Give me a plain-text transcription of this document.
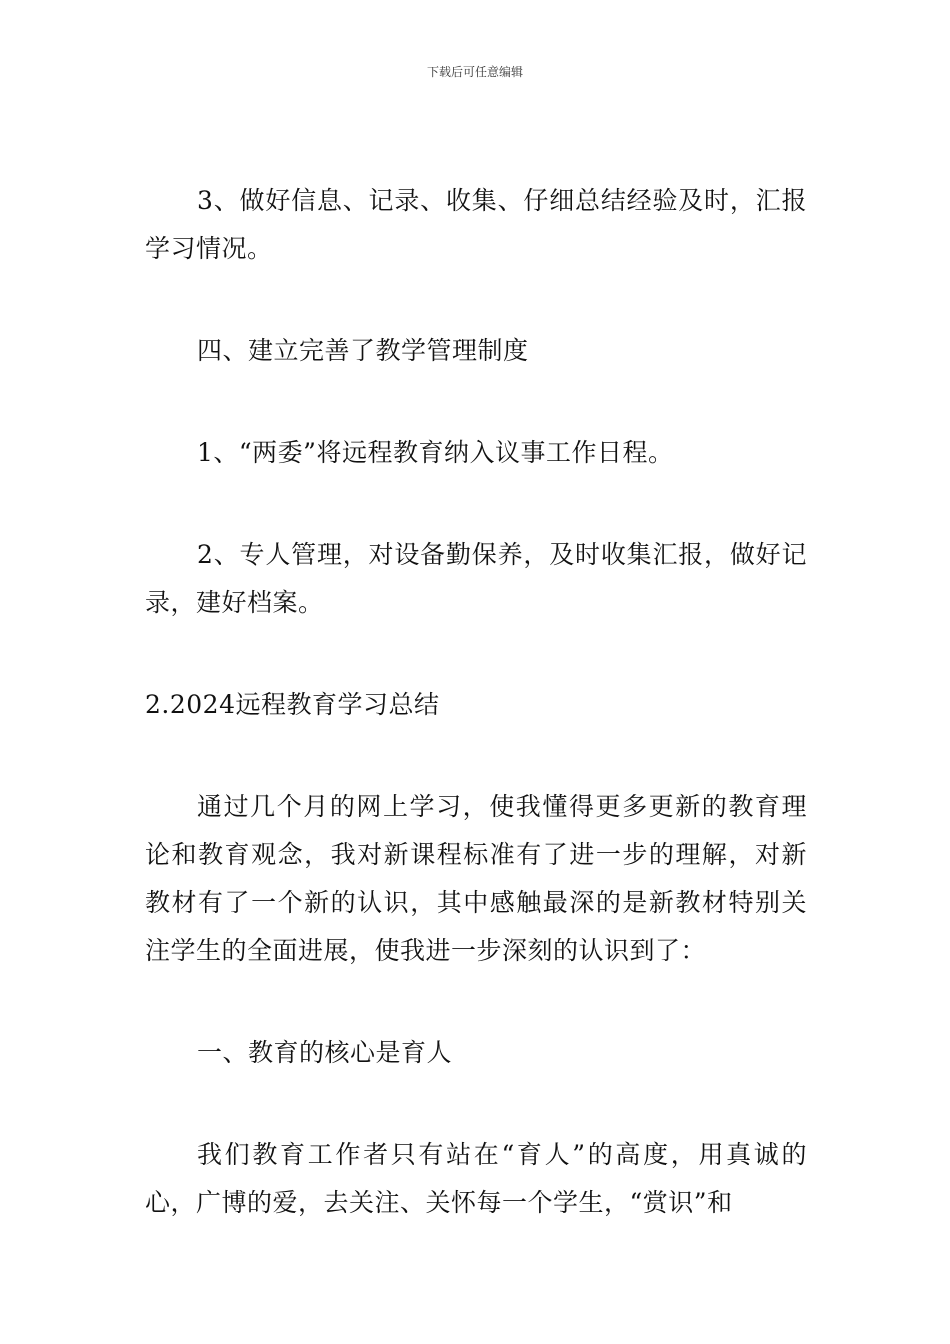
下载后可任意编辑

3、做好信息、记录、收集、仔细总结经验及时，汇报学习情况。

四、建立完善了教学管理制度

1、“两委”将远程教育纳入议事工作日程。

2、专人管理，对设备勤保养，及时收集汇报，做好记录，建好档案。

2.2024远程教育学习总结

通过几个月的网上学习，使我懂得更多更新的教育理论和教育观念，我对新课程标准有了进一步的理解，对新教材有了一个新的认识，其中感触最深的是新教材特别关注学生的全面进展，使我进一步深刻的认识到了：

一、教育的核心是育人

我们教育工作者只有站在“育人”的高度，用真诚的心，广博的爱，去关注、关怀每一个学生，“赏识”和
